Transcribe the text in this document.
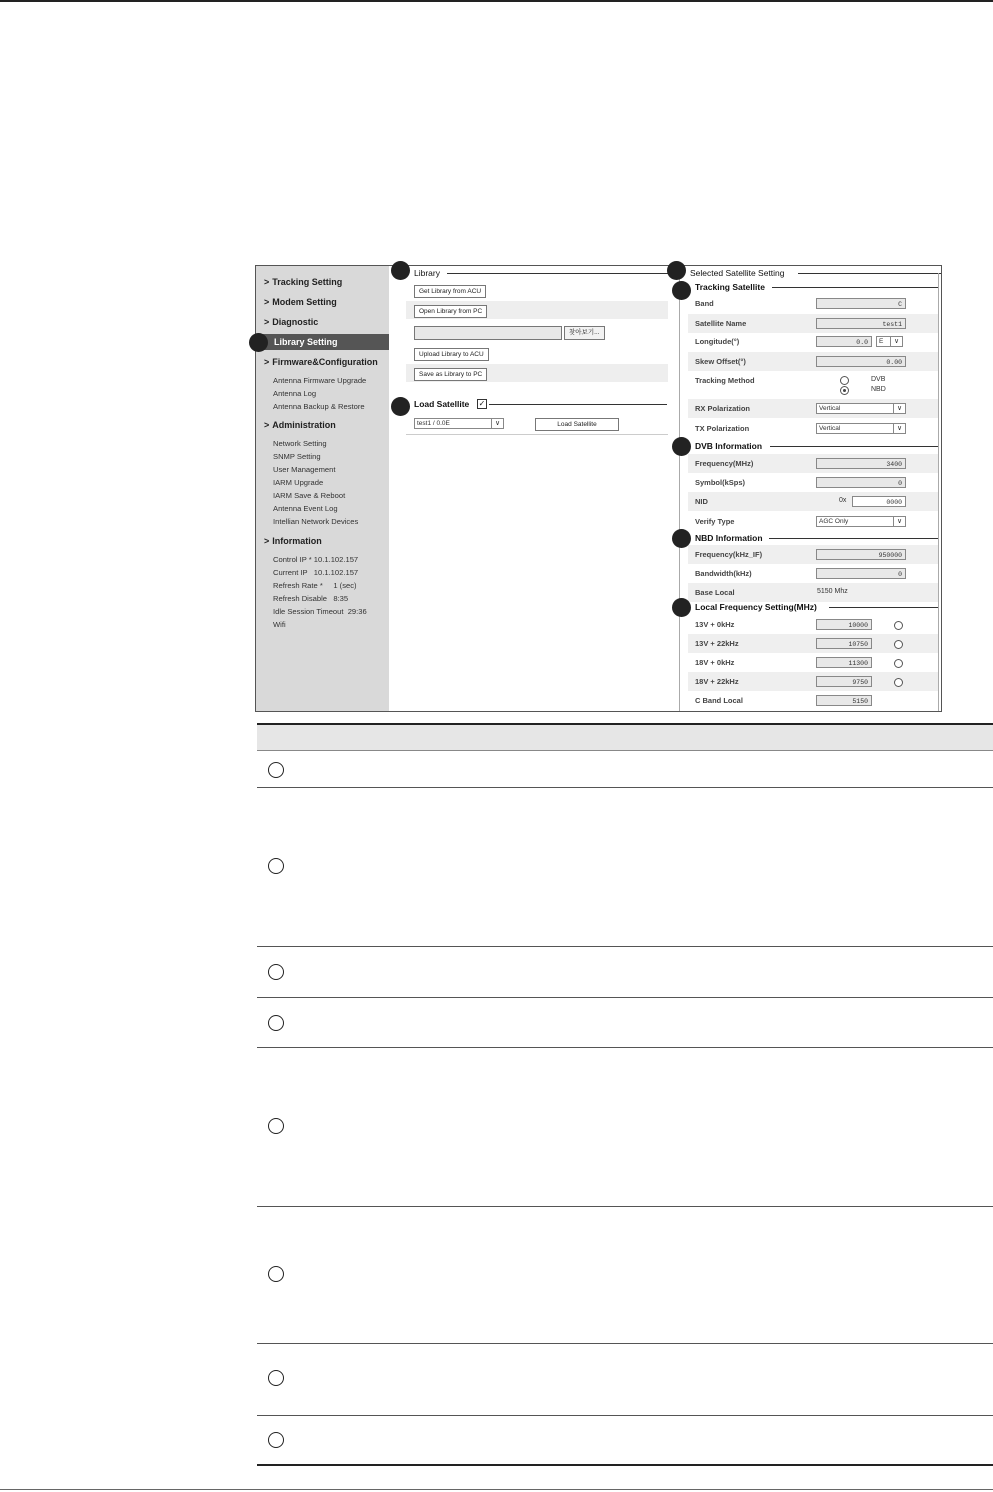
> Tracking Setting
> Modem Setting
> Diagnostic
Library Setting
> Firmware&Configuration
Antenna Firmware Upgrade
Antenna Log
Antenna Backup & Restore
> Administration
Network Setting
SNMP Setting
User Management
IARM Upgrade
IARM Save & Reboot
Antenna Event Log
Intellian Network Devices
> Information
Control IP * 10.1.102.157
Current IP   10.1.102.157
Refresh Rate *     1 (sec)
Refresh Disable   8:35
Idle Session Timeout  29:36
Wifi
Library
Get Library from ACU
Open Library from PC
찾아보기...
Upload Library to ACU
Save as Library to PC
Load Satellite ✓
test1 / 0.0E	∨	Load Satellite
Selected Satellite Setting
Tracking Satellite
Band	C
Satellite Name	test1
Longitude(°)	0.0	E	∨
Skew Offset(°)	0.00
Tracking Method	DVB
NBD
RX Polarization	Vertical	∨
TX Polarization	Vertical	∨
DVB Information
Frequency(MHz)	3400
Symbol(kSps)	0
NID	0x	0000
Verify Type	AGC Only	∨
NBD Information
Frequency(kHz_IF)	950000
Bandwidth(kHz)	0
Base Local	5150 Mhz
Local Frequency Setting(MHz)
13V + 0kHz	10000
13V + 22kHz	10750
18V + 0kHz	11300
18V + 22kHz	9750
C Band Local	5150
